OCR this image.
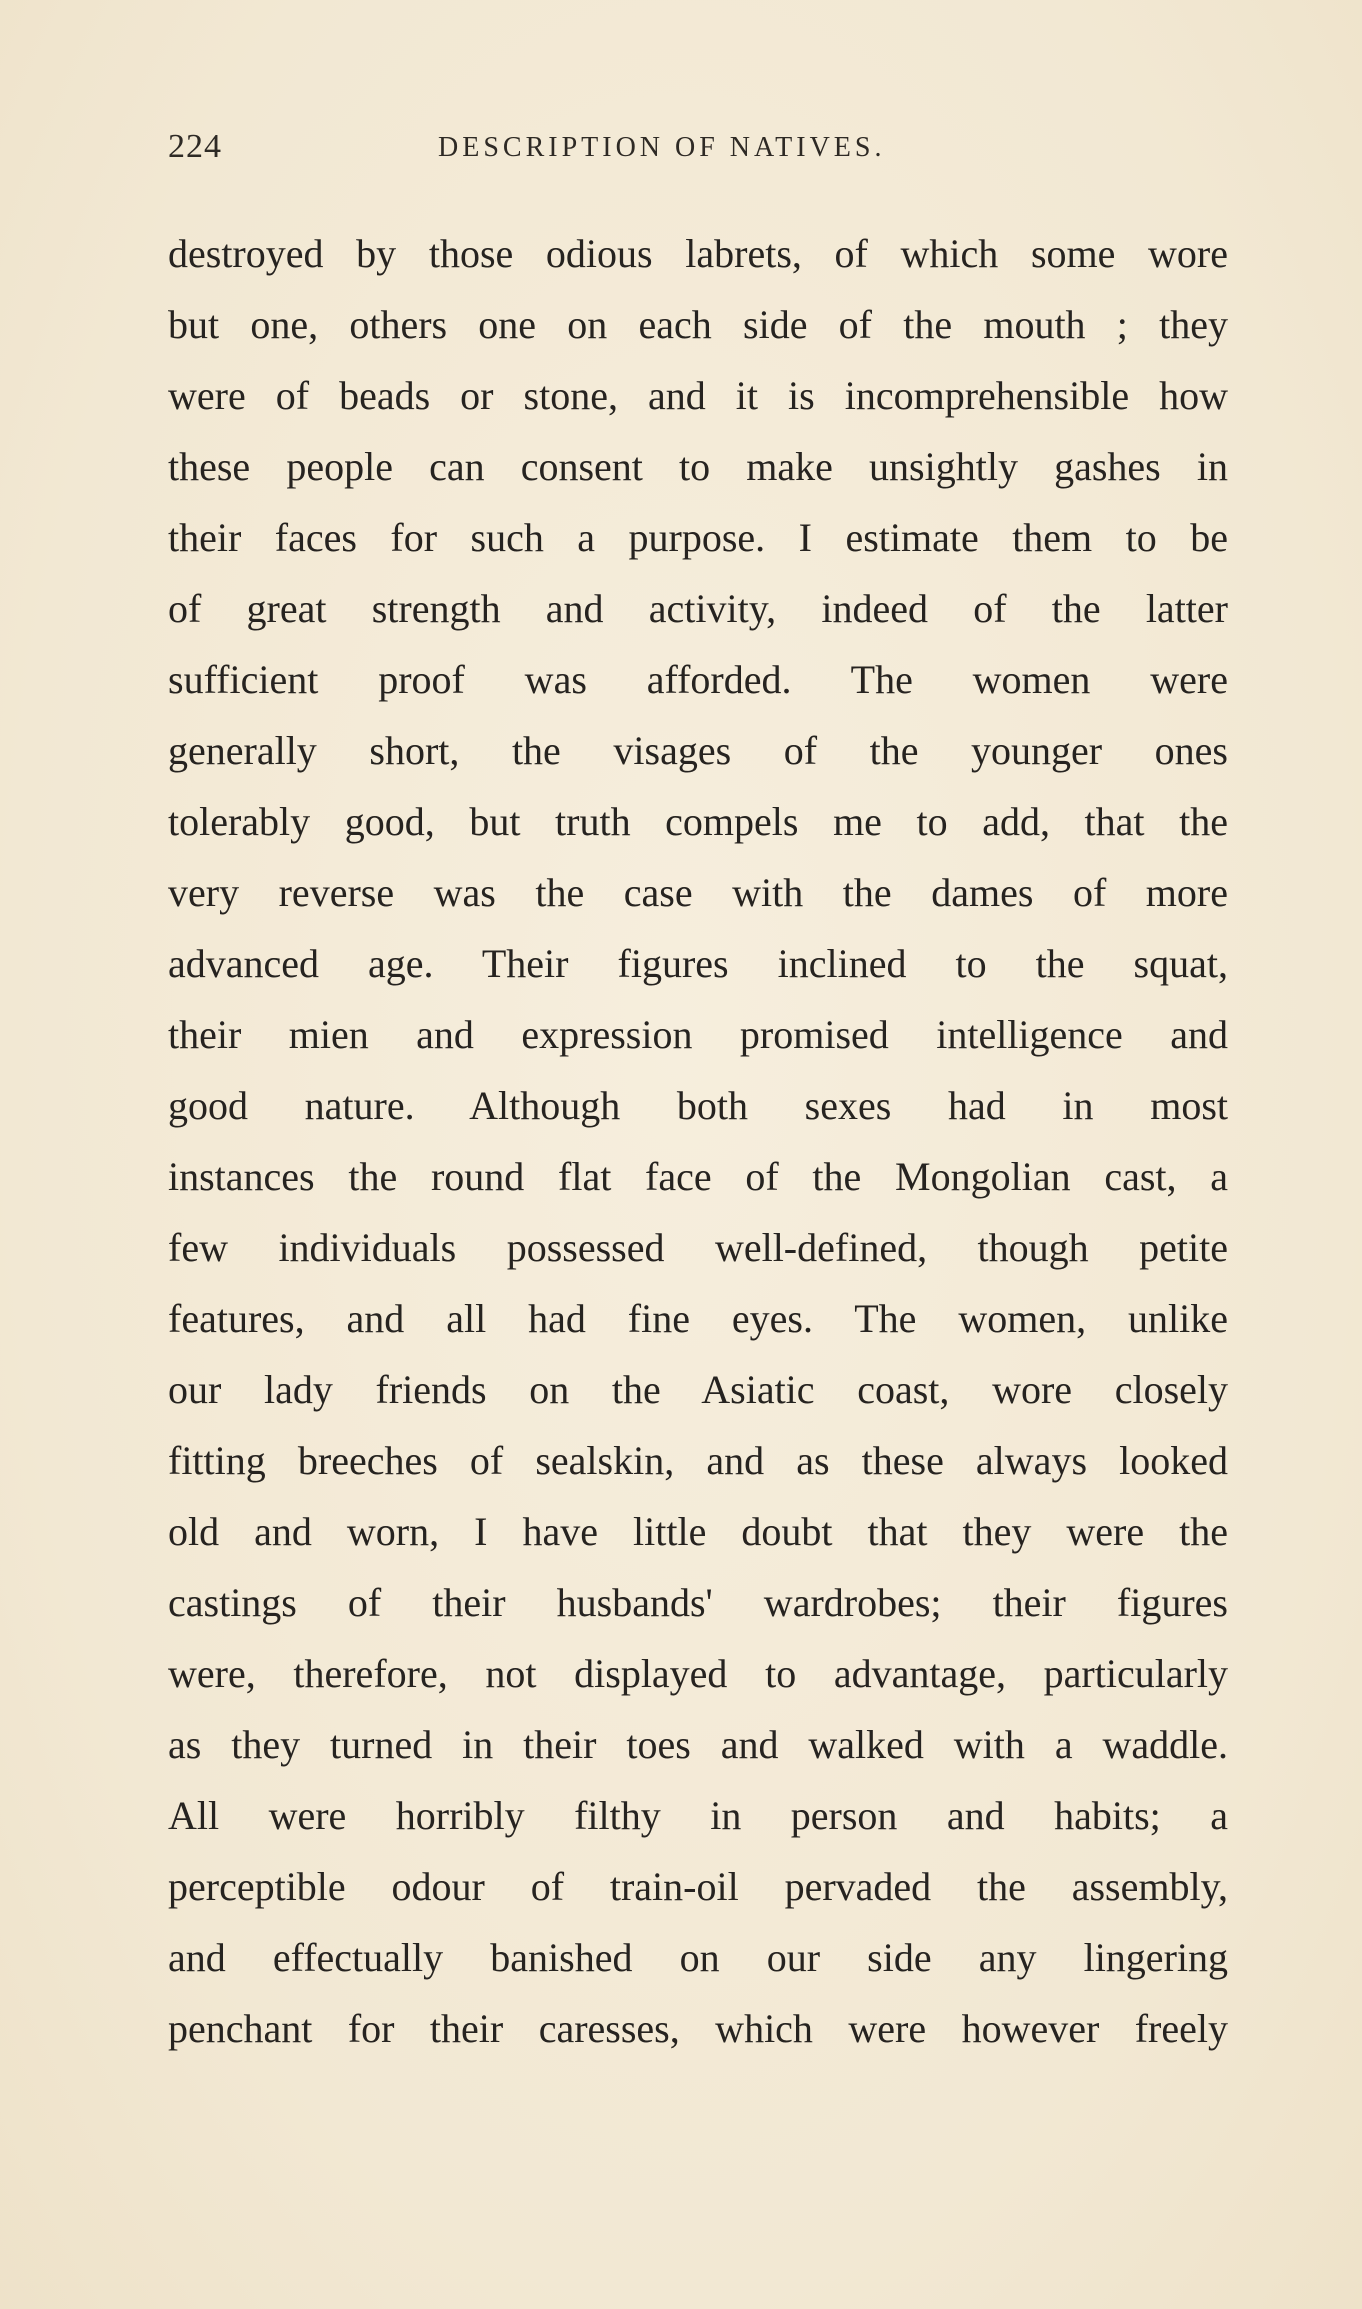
224	DESCRIPTION OF NATIVES.
destroyed by those odious labrets, of which some wore
but one, others one on each side of the mouth ; they
were of beads or stone, and it is incomprehensible how
these people can consent to make unsightly gashes in
their faces for such a purpose. I estimate them to be
of great strength and activity, indeed of the latter
sufficient proof was afforded. The women were
generally short, the visages of the younger ones
tolerably good, but truth compels me to add, that the
very reverse was the case with the dames of more
advanced age. Their figures inclined to the squat,
their mien and expression promised intelligence and
good nature. Although both sexes had in most
instances the round flat face of the Mongolian cast, a
few individuals possessed well-defined, though petite
features, and all had fine eyes. The women, unlike
our lady friends on the Asiatic coast, wore closely
fitting breeches of sealskin, and as these always looked
old and worn, I have little doubt that they were the
castings of their husbands' wardrobes; their figures
were, therefore, not displayed to advantage, particularly
as they turned in their toes and walked with a waddle.
All were horribly filthy in person and habits; a
perceptible odour of train-oil pervaded the assembly,
and effectually banished on our side any lingering
penchant for their caresses, which were however freely
